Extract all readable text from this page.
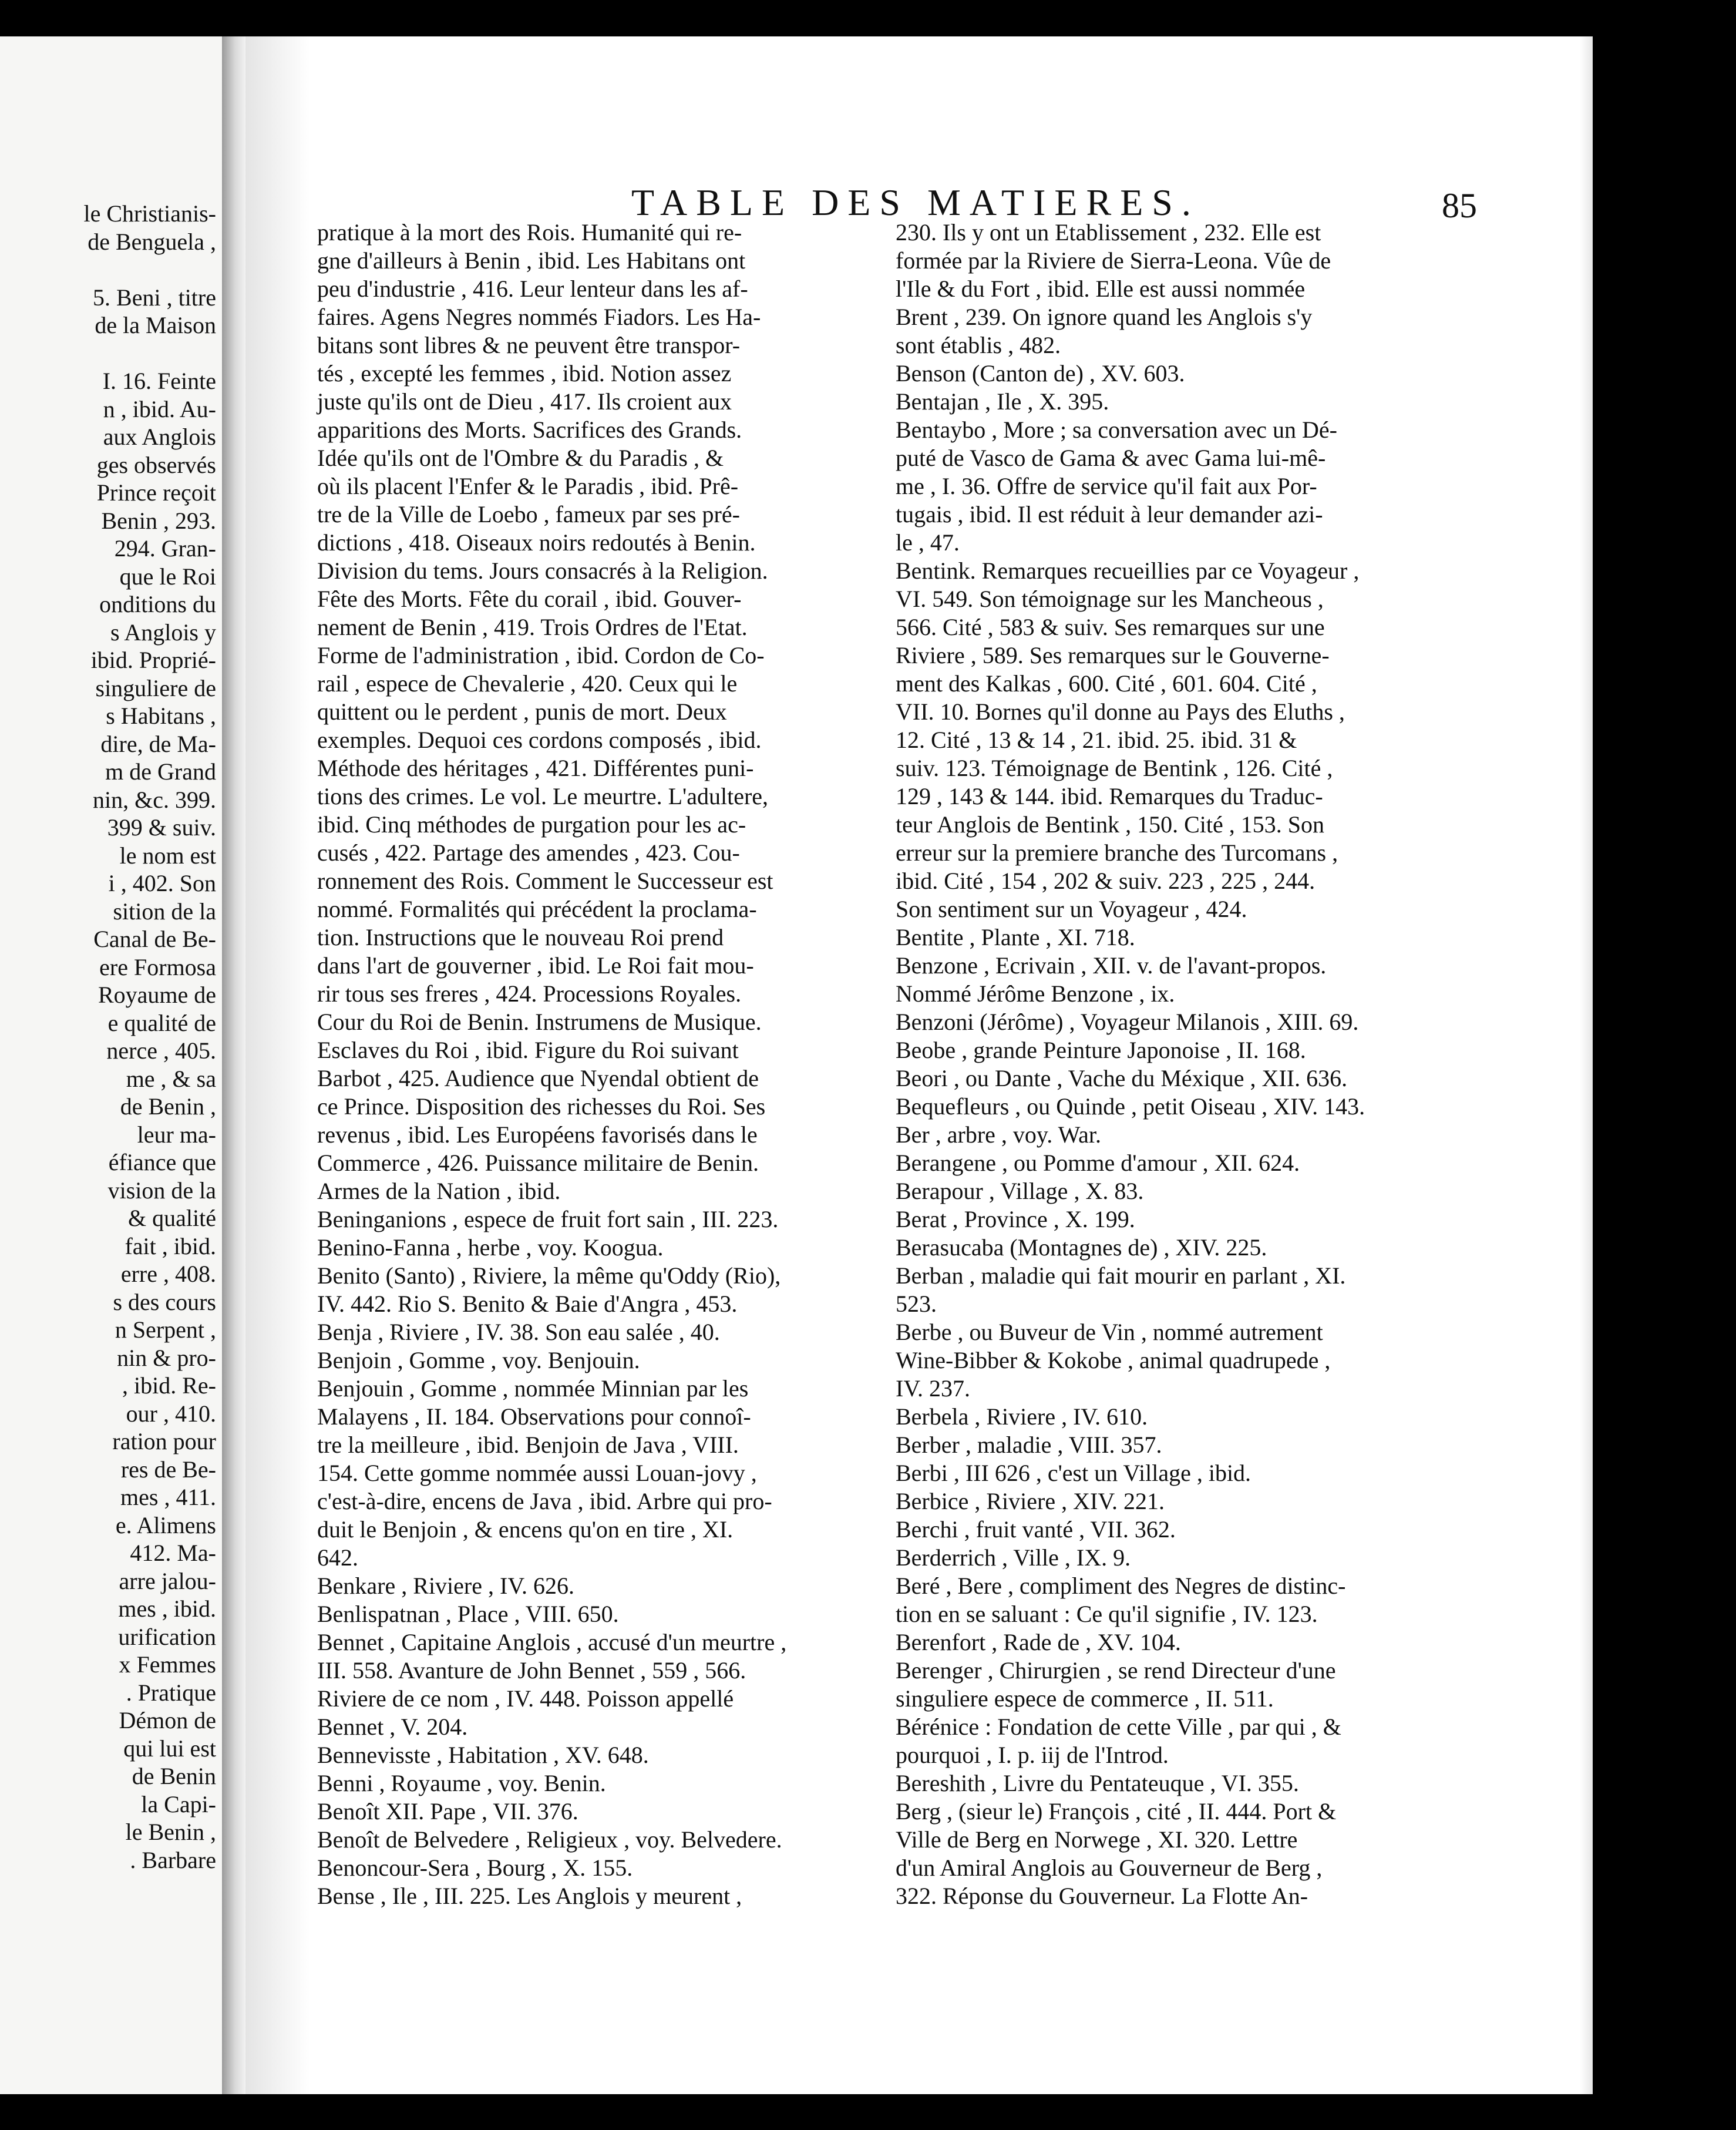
TABLE DES MATIERES.	85
le Christianis-
de Benguela ,
5. Beni , titre
de la Maison
I. 16. Feinte
n , ibid. Au-
aux Anglois
ges observés
Prince reçoit
Benin , 293.
294. Gran-
que le Roi
onditions du
s Anglois y
ibid. Proprié-
singuliere de
s Habitans ,
dire, de Ma-
m de Grand
nin, &c. 399.
399 & suiv.
le nom est
i , 402. Son
sition de la
Canal de Be-
ere Formosa
Royaume de
e qualité de
nerce , 405.
me , & sa
de Benin ,
leur ma-
éfiance que
vision de la
& qualité
fait , ibid.
erre , 408.
s des cours
n Serpent ,
nin & pro-
, ibid. Re-
our , 410.
ration pour
res de Be-
mes , 411.
e. Alimens
412. Ma-
arre jalou-
mes , ibid.
urification
x Femmes
. Pratique
Démon de
qui lui est
de Benin
la Capi-
le Benin ,
. Barbare
pratique à la mort des Rois. Humanité qui re-
gne d'ailleurs à Benin , ibid. Les Habitans ont
peu d'industrie , 416. Leur lenteur dans les af-
faires. Agens Negres nommés Fiadors. Les Ha-
bitans sont libres & ne peuvent être transpor-
tés , excepté les femmes , ibid. Notion assez
juste qu'ils ont de Dieu , 417. Ils croient aux
apparitions des Morts. Sacrifices des Grands.
Idée qu'ils ont de l'Ombre & du Paradis , &
où ils placent l'Enfer & le Paradis , ibid. Prê-
tre de la Ville de Loebo , fameux par ses pré-
dictions , 418. Oiseaux noirs redoutés à Benin.
Division du tems. Jours consacrés à la Religion.
Fête des Morts. Fête du corail , ibid. Gouver-
nement de Benin , 419. Trois Ordres de l'Etat.
Forme de l'administration , ibid. Cordon de Co-
rail , espece de Chevalerie , 420. Ceux qui le
quittent ou le perdent , punis de mort. Deux
exemples. Dequoi ces cordons composés , ibid.
Méthode des héritages , 421. Différentes puni-
tions des crimes. Le vol. Le meurtre. L'adultere,
ibid. Cinq méthodes de purgation pour les ac-
cusés , 422. Partage des amendes , 423. Cou-
ronnement des Rois. Comment le Successeur est
nommé. Formalités qui précédent la proclama-
tion. Instructions que le nouveau Roi prend
dans l'art de gouverner , ibid. Le Roi fait mou-
rir tous ses freres , 424. Processions Royales.
Cour du Roi de Benin. Instrumens de Musique.
Esclaves du Roi , ibid. Figure du Roi suivant
Barbot , 425. Audience que Nyendal obtient de
ce Prince. Disposition des richesses du Roi. Ses
revenus , ibid. Les Européens favorisés dans le
Commerce , 426. Puissance militaire de Benin.
Armes de la Nation , ibid.
Beninganions , espece de fruit fort sain , III. 223.
Benino-Fanna , herbe , voy. Koogua.
Benito (Santo) , Riviere, la même qu'Oddy (Rio),
IV. 442. Rio S. Benito & Baie d'Angra , 453.
Benja , Riviere , IV. 38. Son eau salée , 40.
Benjoin , Gomme , voy. Benjouin.
Benjouin , Gomme , nommée Minnian par les
Malayens , II. 184. Observations pour connoî-
tre la meilleure , ibid. Benjoin de Java , VIII.
154. Cette gomme nommée aussi Louan-jovy ,
c'est-à-dire, encens de Java , ibid. Arbre qui pro-
duit le Benjoin , & encens qu'on en tire , XI.
642.
Benkare , Riviere , IV. 626.
Benlispatnan , Place , VIII. 650.
Bennet , Capitaine Anglois , accusé d'un meurtre ,
III. 558. Avanture de John Bennet , 559 , 566.
Riviere de ce nom , IV. 448. Poisson appellé
Bennet , V. 204.
Bennevisste , Habitation , XV. 648.
Benni , Royaume , voy. Benin.
Benoît XII. Pape , VII. 376.
Benoît de Belvedere , Religieux , voy. Belvedere.
Benoncour-Sera , Bourg , X. 155.
Bense , Ile , III. 225. Les Anglois y meurent ,
230. Ils y ont un Etablissement , 232. Elle est
formée par la Riviere de Sierra-Leona. Vûe de
l'Ile & du Fort , ibid. Elle est aussi nommée
Brent , 239. On ignore quand les Anglois s'y
sont établis , 482.
Benson (Canton de) , XV. 603.
Bentajan , Ile , X. 395.
Bentaybo , More ; sa conversation avec un Dé-
puté de Vasco de Gama & avec Gama lui-mê-
me , I. 36. Offre de service qu'il fait aux Por-
tugais , ibid. Il est réduit à leur demander azi-
le , 47.
Bentink. Remarques recueillies par ce Voyageur ,
VI. 549. Son témoignage sur les Mancheous ,
566. Cité , 583 & suiv. Ses remarques sur une
Riviere , 589. Ses remarques sur le Gouverne-
ment des Kalkas , 600. Cité , 601. 604. Cité ,
VII. 10. Bornes qu'il donne au Pays des Eluths ,
12. Cité , 13 & 14 , 21. ibid. 25. ibid. 31 &
suiv. 123. Témoignage de Bentink , 126. Cité ,
129 , 143 & 144. ibid. Remarques du Traduc-
teur Anglois de Bentink , 150. Cité , 153. Son
erreur sur la premiere branche des Turcomans ,
ibid. Cité , 154 , 202 & suiv. 223 , 225 , 244.
Son sentiment sur un Voyageur , 424.
Bentite , Plante , XI. 718.
Benzone , Ecrivain , XII. v. de l'avant-propos.
Nommé Jérôme Benzone , ix.
Benzoni (Jérôme) , Voyageur Milanois , XIII. 69.
Beobe , grande Peinture Japonoise , II. 168.
Beori , ou Dante , Vache du Méxique , XII. 636.
Bequefleurs , ou Quinde , petit Oiseau , XIV. 143.
Ber , arbre , voy. War.
Berangene , ou Pomme d'amour , XII. 624.
Berapour , Village , X. 83.
Berat , Province , X. 199.
Berasucaba (Montagnes de) , XIV. 225.
Berban , maladie qui fait mourir en parlant , XI.
523.
Berbe , ou Buveur de Vin , nommé autrement
Wine-Bibber & Kokobe , animal quadrupede ,
IV. 237.
Berbela , Riviere , IV. 610.
Berber , maladie , VIII. 357.
Berbi , III 626 , c'est un Village , ibid.
Berbice , Riviere , XIV. 221.
Berchi , fruit vanté , VII. 362.
Berderrich , Ville , IX. 9.
Beré , Bere , compliment des Negres de distinc-
tion en se saluant : Ce qu'il signifie , IV. 123.
Berenfort , Rade de , XV. 104.
Berenger , Chirurgien , se rend Directeur d'une
singuliere espece de commerce , II. 511.
Bérénice : Fondation de cette Ville , par qui , &
pourquoi , I. p. iij de l'Introd.
Bereshith , Livre du Pentateuque , VI. 355.
Berg , (sieur le) François , cité , II. 444. Port &
Ville de Berg en Norwege , XI. 320. Lettre
d'un Amiral Anglois au Gouverneur de Berg ,
322. Réponse du Gouverneur. La Flotte An-
